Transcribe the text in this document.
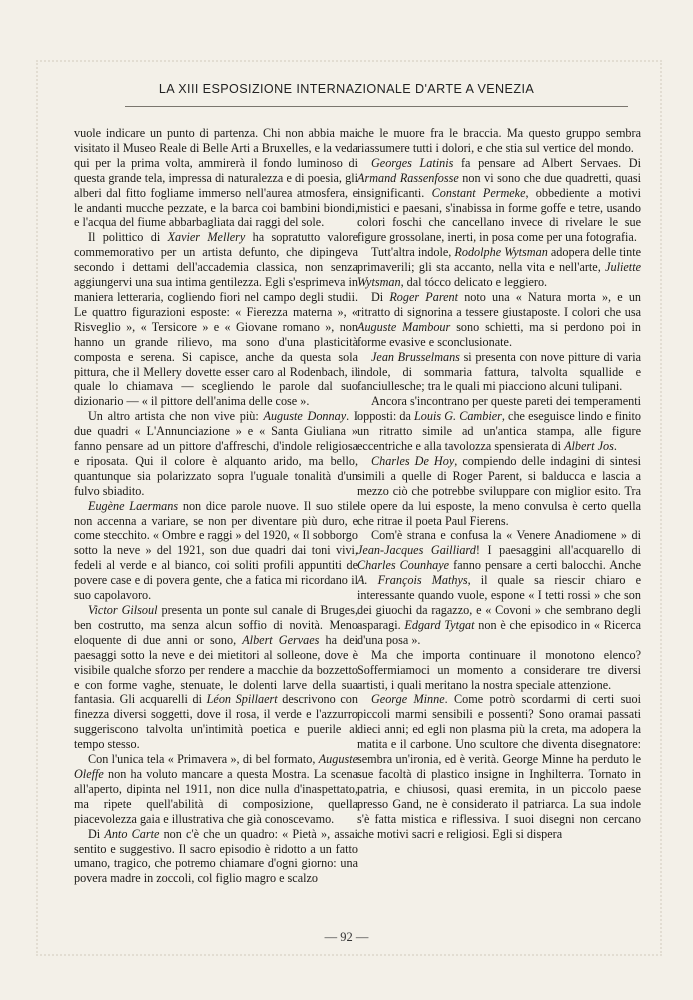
LA XIII ESPOSIZIONE INTERNAZIONALE D'ARTE A VENEZIA

vuole indicare un punto di partenza. Chi non abbia mai visitato il Museo Reale di Belle Arti a Bruxelles, e la veda qui per la prima volta, ammirerà il fondo luminoso di questa grande tela, impressa di naturalezza e di poesia, gli alberi dal fitto fogliame immerso nell'aurea atmosfera, e le andanti mucche pezzate, e la barca coi bambini biondi, e l'acqua del fiume abbarbagliata dai raggi del sole.

Il polittico di Xavier Mellery ha sopratutto valore commemorativo per un artista defunto, che dipingeva secondo i dettami dell'accademia classica, non senza aggiungervi una sua intima gentilezza. Egli s'esprimeva in maniera letteraria, cogliendo fiori nel campo degli studii. Le quattro figurazioni esposte: « Fierezza materna », « Risveglio », « Tersicore » e « Giovane romano », non hanno un grande rilievo, ma sono d'una plasticità composta e serena. Si capisce, anche da questa sola pittura, che il Mellery dovette esser caro al Rodenbach, il quale lo chiamava — scegliendo le parole dal suo dizionario — « il pittore dell'anima delle cose ».

Un altro artista che non vive più: Auguste Donnay. I due quadri « L'Annunciazione » e « Santa Giuliana » fanno pensare ad un pittore d'affreschi, d'indole religiosa e riposata. Qui il colore è alquanto arido, ma bello, quantunque sia polarizzato sopra l'uguale tonalità d'un fulvo sbiadito.

Eugène Laermans non dice parole nuove. Il suo stile non accenna a variare, se non per diventare più duro, e come stecchito. « Ombre e raggi » del 1920, « Il sobborgo sotto la neve » del 1921, son due quadri dai toni vivi, fedeli al verde e al bianco, coi soliti profili appuntiti de povere case e di povera gente, che a fatica mi ricordano il suo capolavoro.

Victor Gilsoul presenta un ponte sul canale di Bruges, ben costrutto, ma senza alcun soffio di novità. Meno eloquente di due anni or sono, Albert Gervaes ha dei paesaggi sotto la neve e dei mietitori al solleone, dove è visibile qualche sforzo per rendere a macchie da bozzetto e con forme vaghe, stenuate, le dolenti larve della sua fantasia. Gli acquarelli di Léon Spillaert descrivono con finezza diversi soggetti, dove il rosa, il verde e l'azzurro suggeriscono talvolta un'intimità poetica e puerile al tempo stesso.

Con l'unica tela « Primavera », di bel formato, Auguste Oleffe non ha voluto mancare a questa Mostra. La scena all'aperto, dipinta nel 1911, non dice nulla d'inaspettato, ma ripete quell'abilità di composizione, quella piacevolezza gaia e illustrativa che già conoscevamo.

Di Anto Carte non c'è che un quadro: « Pietà », assai sentito e suggestivo. Il sacro episodio è ridotto a un fatto umano, tragico, che potremo chiamare d'ogni giorno: una povera madre in zoccoli, col figlio magro e scalzo

che le muore fra le braccia. Ma questo gruppo sembra riassumere tutti i dolori, e che stia sul vertice del mondo.

Georges Latinis fa pensare ad Albert Servaes. Di Armand Rassenfosse non vi sono che due quadretti, quasi insignificanti. Constant Permeke, obbediente a motivi mistici e paesani, s'inabissa in forme goffe e tetre, usando colori foschi che cancellano invece di rivelare le sue figure grossolane, inerti, in posa come per una fotografia.

Tutt'altra indole, Rodolphe Wytsman adopera delle tinte primaverili; gli sta accanto, nella vita e nell'arte, Juliette Wytsman, dal tócco delicato e leggiero.

Di Roger Parent noto una « Natura morta », e un ritratto di signorina a tessere giustaposte. I colori che usa Auguste Mambour sono schietti, ma si perdono poi in forme evasive e sconclusionate.

Jean Brusselmans si presenta con nove pitture di varia indole, di sommaria fattura, talvolta squallide e fanciullesche; tra le quali mi piacciono alcuni tulipani.

Ancora s'incontrano per queste pareti dei temperamenti opposti: da Louis G. Cambier, che eseguisce lindo e finito un ritratto simile ad un'antica stampa, alle figure eccentriche e alla tavolozza spensierata di Albert Jos.

Charles De Hoy, compiendo delle indagini di sintesi simili a quelle di Roger Parent, si balducca e lascia a mezzo ciò che potrebbe sviluppare con miglior esito. Tra le opere da lui esposte, la meno convulsa è certo quella che ritrae il poeta Paul Fierens.

Com'è strana e confusa la « Venere Anadiomene » di Jean-Jacques Gailliard! I paesaggini all'acquarello di Charles Counhaye fanno pensare a certi balocchi. Anche A. François Mathys, il quale sa riescir chiaro e interessante quando vuole, espone « I tetti rossi » che son dei giuochi da ragazzo, e « Covoni » che sembrano degli asparagi. Edgard Tytgat non è che episodico in « Ricerca d'una posa ».

Ma che importa continuare il monotono elenco? Soffermiamoci un momento a considerare tre diversi artisti, i quali meritano la nostra speciale attenzione.

George Minne. Come potrò scordarmi di certi suoi piccoli marmi sensibili e possenti? Sono oramai passati dieci anni; ed egli non plasma più la creta, ma adopera la matita e il carbone. Uno scultore che diventa disegnatore: sembra un'ironia, ed è verità. George Minne ha perduto le sue facoltà di plastico insigne in Inghilterra. Tornato in patria, e chiusosi, quasi eremita, in un piccolo paese presso Gand, ne è considerato il patriarca. La sua indole s'è fatta mistica e riflessiva. I suoi disegni non cercano che motivi sacri e religiosi. Egli si dispera

— 92 —
